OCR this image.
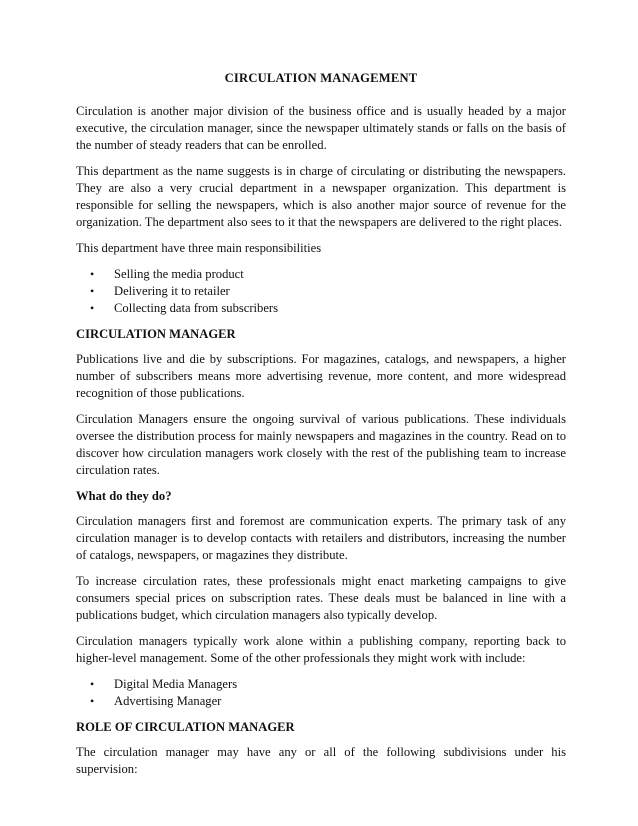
CIRCULATION MANAGEMENT

Circulation is another major division of the business office and is usually headed by a major executive, the circulation manager, since the newspaper ultimately stands or falls on the basis of the number of steady readers that can be enrolled.

This department as the name suggests is in charge of circulating or distributing the newspapers. They are also a very crucial department in a newspaper organization. This department is responsible for selling the newspapers, which is also another major source of revenue for the organization. The department also sees to it that the newspapers are delivered to the right places.

This department have three main responsibilities

• Selling the media product
• Delivering it to retailer
• Collecting data from subscribers
CIRCULATION MANAGER

Publications live and die by subscriptions. For magazines, catalogs, and newspapers, a higher number of subscribers means more advertising revenue, more content, and more widespread recognition of those publications.

Circulation Managers ensure the ongoing survival of various publications. These individuals oversee the distribution process for mainly newspapers and magazines in the country. Read on to discover how circulation managers work closely with the rest of the publishing team to increase circulation rates.

What do they do?

Circulation managers first and foremost are communication experts. The primary task of any circulation manager is to develop contacts with retailers and distributors, increasing the number of catalogs, newspapers, or magazines they distribute.

To increase circulation rates, these professionals might enact marketing campaigns to give consumers special prices on subscription rates. These deals must be balanced in line with a publications budget, which circulation managers also typically develop.

Circulation managers typically work alone within a publishing company, reporting back to higher-level management. Some of the other professionals they might work with include:

• Digital Media Managers
• Advertising Manager
ROLE OF CIRCULATION MANAGER

The circulation manager may have any or all of the following subdivisions under his supervision:
